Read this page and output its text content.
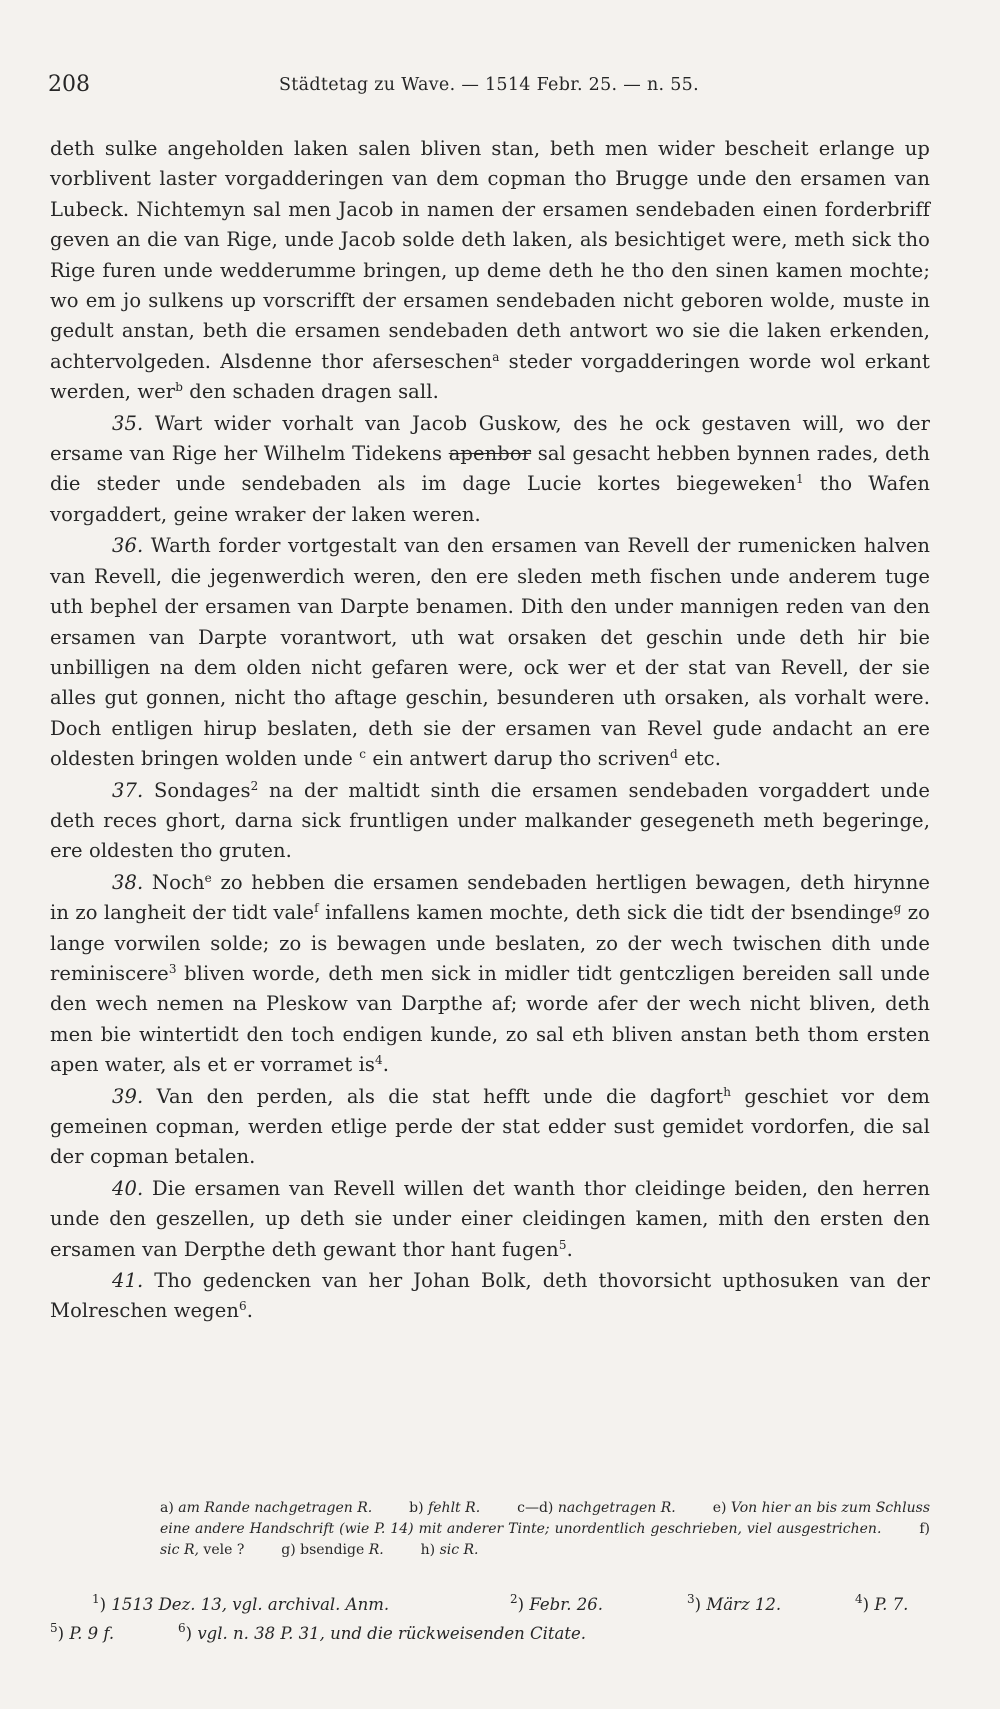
208	Städtetag zu Wave. — 1514 Febr. 25. — n. 55.

deth sulke angeholden laken salen bliven stan, beth men wider bescheit erlange up vorblivent laster vorgadderingen van dem copman tho Brugge unde den ersamen van Lubeck. Nichtemyn sal men Jacob in namen der ersamen sendebaden einen forderbriff geven an die van Rige, unde Jacob solde deth laken, als besichtiget were, meth sick tho Rige furen unde wedderumme bringen, up deme deth he tho den sinen kamen mochte; wo em jo sulkens up vorscrifft der ersamen sendebaden nicht geboren wolde, muste in gedult anstan, beth die ersamen sendebaden deth antwort wo sie die laken erkenden, achtervolgeden. Alsdenne thor aferseschen$^a$ steder vorgadderingen worde wol erkant werden, wer$^b$ den schaden dragen sall.

35. Wart wider vorhalt van Jacob Guskow, des he ock gestaven will, wo der ersame van Rige her Wilhelm Tidekens apenbor sal gesacht hebben bynnen rades, deth die steder unde sendebaden als im dage Lucie kortes biegeweken$^1$ tho Wafen vorgaddert, geine wraker der laken weren.

36. Warth forder vortgestalt van den ersamen van Revell der rumenicken halven van Revell, die jegenwerdich weren, den ere sleden meth fischen unde anderem tuge uth bephel der ersamen van Darpte benamen. Dith den under mannigen reden van den ersamen van Darpte vorantwort, uth wat orsaken det geschin unde deth hir bie unbilligen na dem olden nicht gefaren were, ock wer et der stat van Revell, der sie alles gut gonnen, nicht tho aftage geschin, besunderen uth orsaken, als vorhalt were. Doch entligen hirup beslaten, deth sie der ersamen van Revel gude andacht an ere oldesten bringen wolden unde $^c$ ein antwert darup tho scriven$^d$ etc.

37. Sondages$^2$ na der maltidt sinth die ersamen sendebaden vorgaddert unde deth reces ghort, darna sick fruntligen under malkander gesegeneth meth begeringe, ere oldesten tho gruten.

38. Noch$^e$ zo hebben die ersamen sendebaden hertligen bewagen, deth hirynne in zo langheit der tidt vale$^f$ infallens kamen mochte, deth sick die tidt der bsendinge$^g$ zo lange vorwilen solde; zo is bewagen unde beslaten, zo der wech twischen dith unde reminiscere$^3$ bliven worde, deth men sick in midler tidt gentczligen bereiden sall unde den wech nemen na Pleskow van Darpthe af; worde afer der wech nicht bliven, deth men bie wintertidt den toch endigen kunde, zo sal eth bliven anstan beth thom ersten apen water, als et er vorramet $is^4$.

39. Van den perden, als die stat hefft unde die dagfort$^h$ geschiet vor dem gemeinen copman, werden etlige perde der stat edder sust gemidet vordorfen, die sal der copman betalen.

40. Die ersamen van Revell willen det wanth thor cleidinge beiden, den herren unde den geszellen, up deth sie under einer cleidingen kamen, mith den ersten den ersamen van Derpthe deth gewant thor hant fugen$^5$.

41. Tho gedencken van her Johan Bolk, deth thovorsicht upthosuken van der Molreschen wegen$^6$.

a) am Rande nachgetragen R.   	b) fehlt R.   	c—d) nachgetragen R.   	e) Von hier an bis zum Schluss eine andere Handschrift (wie P. 14) mit anderer Tinte; unordentlich geschrieben, viel ausgestrichen.   	f) sic R, vele ?   	g) bsendige R.   	h) sic R.
$^1$) 1513 Dez. 13, vgl. archival. Anm.	$^2$) Febr. 26.	$^3$) März 12.	$^4$) P. 7.
$^5$) P. 9 f.	$^6$) vgl. n. 38 P. 31, und die rückweisenden Citate.
